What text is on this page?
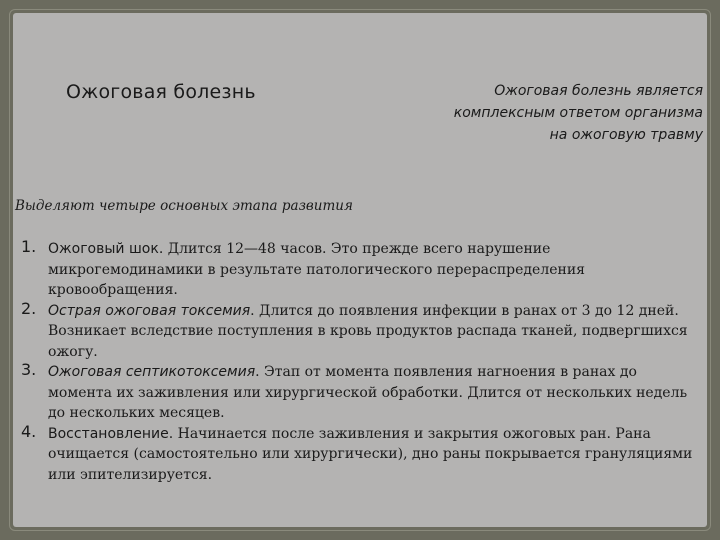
Ожоговая болезнь	Ожоговая болезнь является комплексным ответом организма на ожоговую травму
Выделяют четыре основных этапа развития
1. Ожоговый шок. Длится 12—48 часов. Это прежде всего нарушение микрогемодинамики в результате патологического перераспределения кровообращения.
2. Острая ожоговая токсемия. Длится до появления инфекции в ранах от 3 до 12 дней. Возникает вследствие поступления в кровь продуктов распада тканей, подвергшихся ожогу.
3. Ожоговая септикотоксемия. Этап от момента появления нагноения в ранах до момента их заживления или хирургической обработки. Длится от нескольких недель до нескольких месяцев.
4. Восстановление. Начинается после заживления и закрытия ожоговых ран. Рана очищается (самостоятельно или хирургически), дно раны покрывается грануляциями или эпителизируется.
